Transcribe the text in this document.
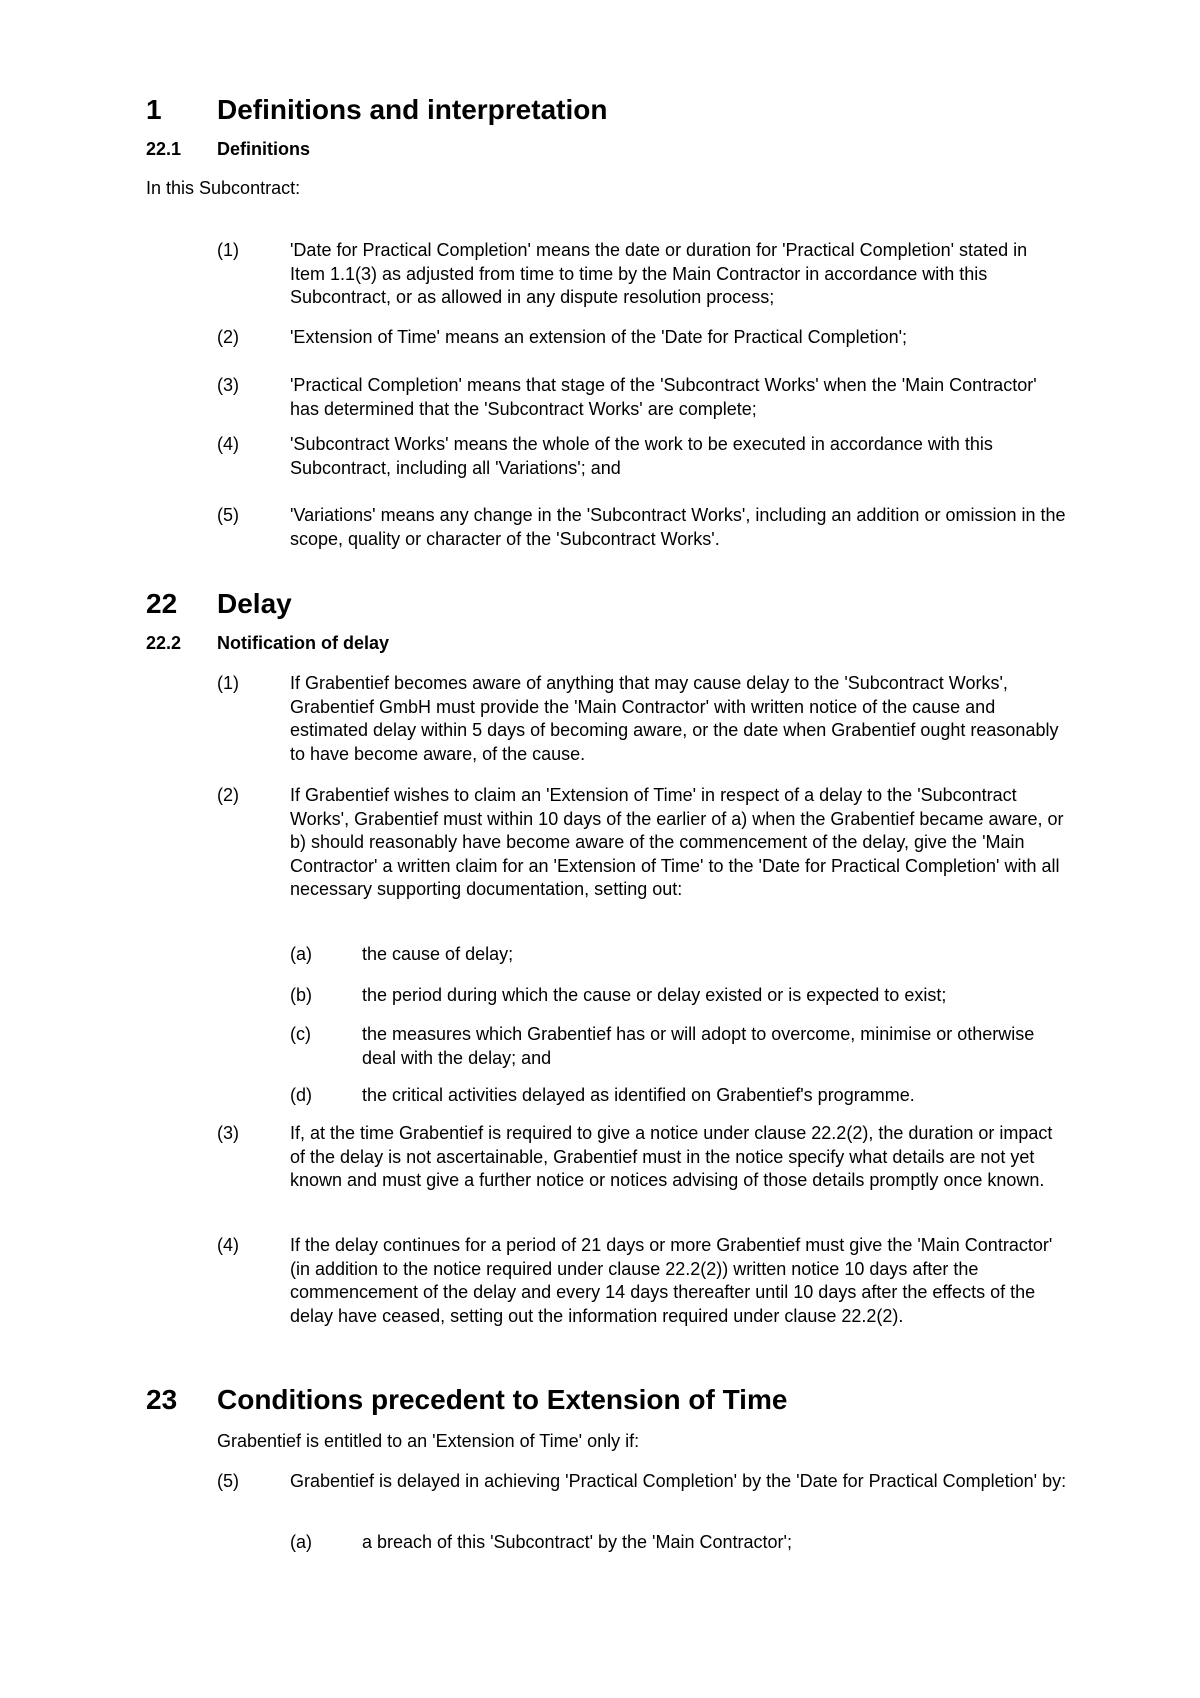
1 Definitions and interpretation
22.1 Definitions
In this Subcontract:
(1)	'Date for Practical Completion' means the date or duration for 'Practical Completion' stated in Item 1.1(3) as adjusted from time to time by the Main Contractor in accordance with this Subcontract, or as allowed in any dispute resolution process;
(2)	'Extension of Time' means an extension of the 'Date for Practical Completion';
(3)	'Practical Completion' means that stage of the 'Subcontract Works' when the 'Main Contractor' has determined that the 'Subcontract Works' are complete;
(4)	'Subcontract Works' means the whole of the work to be executed in accordance with this Subcontract, including all 'Variations'; and
(5)	'Variations' means any change in the 'Subcontract Works', including an addition or omission in the scope, quality or character of the 'Subcontract Works'.
22 Delay
22.2 Notification of delay
(1)	If Grabentief becomes aware of anything that may cause delay to the 'Subcontract Works', Grabentief GmbH must provide the 'Main Contractor' with written notice of the cause and estimated delay within 5 days of becoming aware, or the date when Grabentief ought reasonably to have become aware, of the cause.
(2)	If Grabentief wishes to claim an 'Extension of Time' in respect of a delay to the 'Subcontract Works', Grabentief must within 10 days of the earlier of a) when the Grabentief became aware, or b) should reasonably have become aware of the commencement of the delay, give the 'Main Contractor' a written claim for an 'Extension of Time' to the 'Date for Practical Completion' with all necessary supporting documentation, setting out:
(a)	the cause of delay;
(b)	the period during which the cause or delay existed or is expected to exist;
(c)	the measures which Grabentief has or will adopt to overcome, minimise or otherwise deal with the delay; and
(d)	the critical activities delayed as identified on Grabentief's programme.
(3)	If, at the time Grabentief is required to give a notice under clause 22.2(2), the duration or impact of the delay is not ascertainable, Grabentief must in the notice specify what details are not yet known and must give a further notice or notices advising of those details promptly once known.
(4)	If the delay continues for a period of 21 days or more Grabentief must give the 'Main Contractor' (in addition to the notice required under clause 22.2(2)) written notice 10 days after the commencement of the delay and every 14 days thereafter until 10 days after the effects of the delay have ceased, setting out the information required under clause 22.2(2).
23 Conditions precedent to Extension of Time
Grabentief is entitled to an 'Extension of Time' only if:
(5)	Grabentief is delayed in achieving 'Practical Completion' by the 'Date for Practical Completion' by:
(a)	a breach of this 'Subcontract' by the 'Main Contractor';
